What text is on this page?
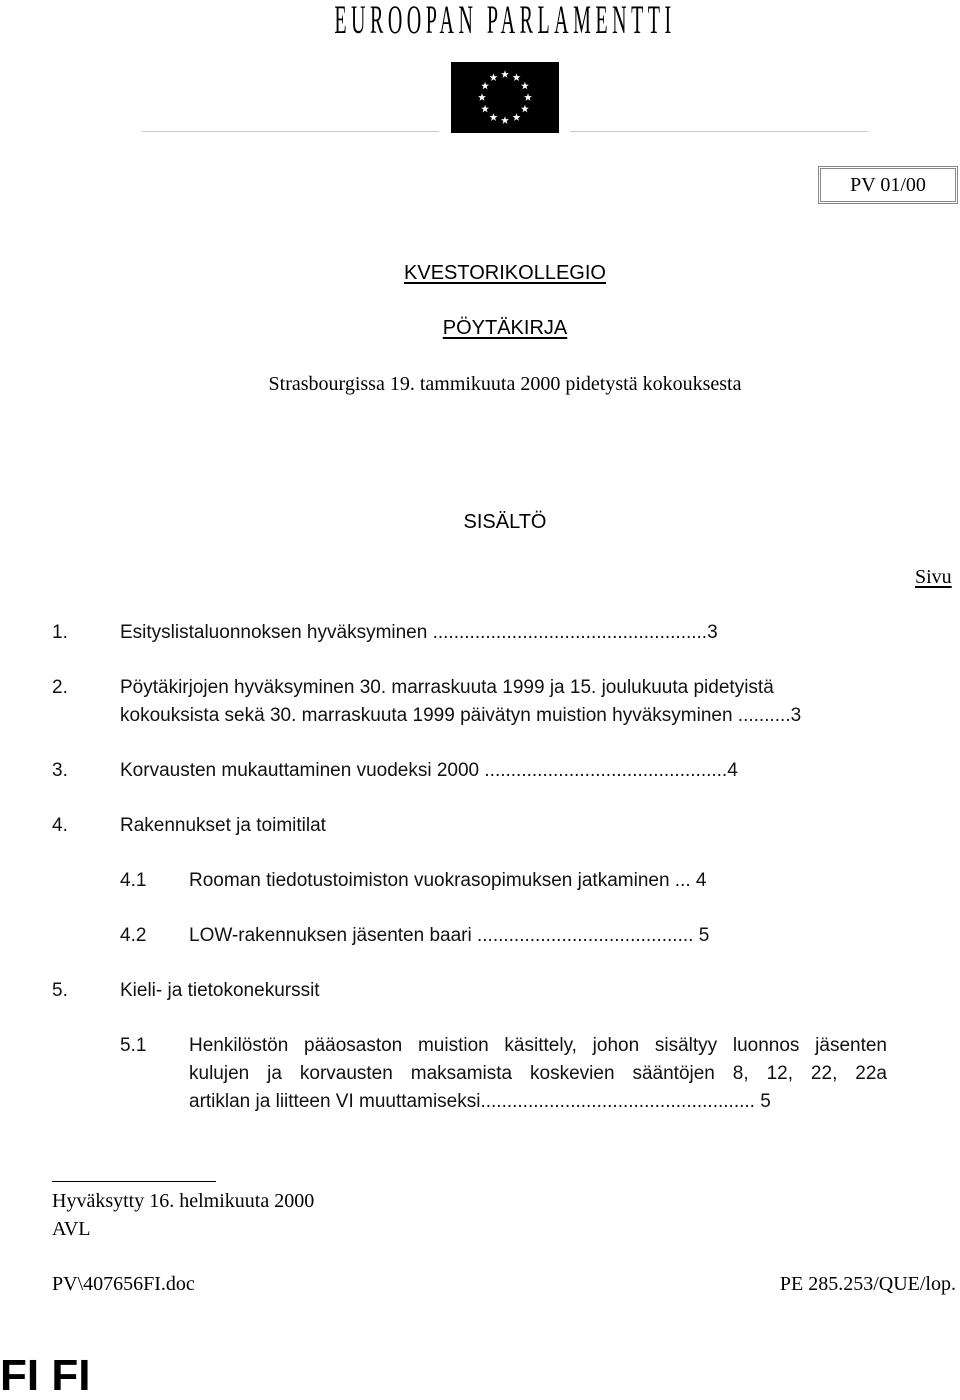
EUROOPAN PARLAMENTTI
PV 01/00
KVESTORIKOLLEGIO
PÖYTÄKIRJA
Strasbourgissa 19. tammikuuta 2000 pidetystä kokouksesta
SISÄLTÖ
Sivu
1.	Esityslistaluonnoksen hyväksyminen ....................................................3
2.	Pöytäkirjojen hyväksyminen 30. marraskuuta 1999 ja 15. joulukuuta pidetyistä
kokouksista sekä 30. marraskuuta 1999 päivätyn muistion hyväksyminen ..........3
3.	Korvausten mukauttaminen vuodeksi 2000 ..............................................4
4.	Rakennukset ja toimitilat
4.1 Rooman tiedotustoimiston vuokrasopimuksen jatkaminen ... 4
4.2 LOW-rakennuksen jäsenten baari ......................................... 5
5.	Kieli- ja tietokonekurssit
5.1 Henkilöstön pääosaston muistion käsittely, johon sisältyy luonnos jäsenten
kulujen ja korvausten maksamista koskevien sääntöjen 8, 12, 22, 22a
artiklan ja liitteen VI muuttamiseksi.................................................... 5
Hyväksytty 16. helmikuuta 2000
AVL
PV\407656FI.doc	PE 285.253/QUE/lop.
FI FI
